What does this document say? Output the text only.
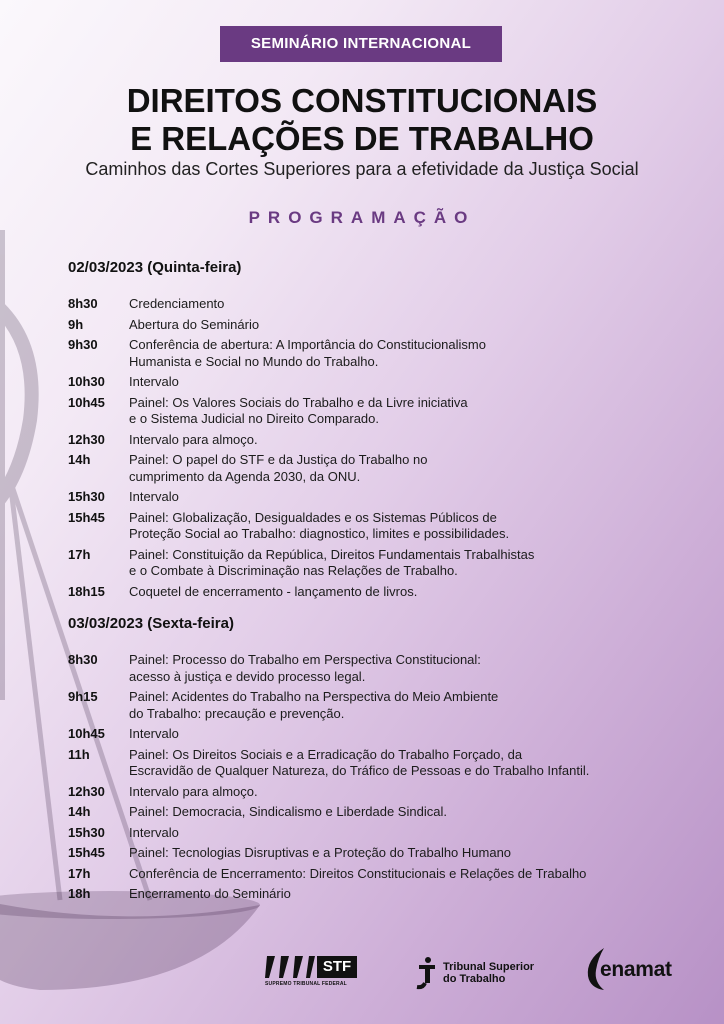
SEMINÁRIO INTERNACIONAL
DIREITOS CONSTITUCIONAIS
E RELAÇÕES DE TRABALHO
Caminhos das Cortes Superiores para a efetividade da Justiça Social
PROGRAMAÇÃO
02/03/2023 (Quinta-feira)
8h30	Credenciamento
9h	Abertura do Seminário
9h30	Conferência de abertura: A Importância do Constitucionalismo
Humanista e Social no Mundo do Trabalho.
10h30	Intervalo
10h45	Painel: Os Valores Sociais do Trabalho e da Livre iniciativa
e o Sistema Judicial no Direito Comparado.
12h30	Intervalo para almoço.
14h	Painel: O papel do STF e da Justiça do Trabalho no
cumprimento da Agenda 2030, da ONU.
15h30	Intervalo
15h45	Painel: Globalização, Desigualdades e os Sistemas Públicos de
Proteção Social ao Trabalho: diagnostico, limites e possibilidades.
17h	Painel: Constituição da República, Direitos Fundamentais Trabalhistas
e o Combate à Discriminação nas Relações de Trabalho.
18h15	Coquetel de encerramento - lançamento de livros.
03/03/2023 (Sexta-feira)
8h30	Painel: Processo do Trabalho em Perspectiva Constitucional:
acesso à justiça e devido processo legal.
9h15	Painel: Acidentes do Trabalho na Perspectiva do Meio Ambiente
do Trabalho: precaução e prevenção.
10h45	Intervalo
11h	Painel: Os Direitos Sociais e a Erradicação do Trabalho Forçado, da
Escravidão de Qualquer Natureza, do Tráfico de Pessoas e do Trabalho Infantil.
12h30	Intervalo para almoço.
14h	Painel: Democracia, Sindicalismo e Liberdade Sindical.
15h30	Intervalo
15h45	Painel: Tecnologias Disruptivas e a Proteção do Trabalho Humano
17h	Conferência de Encerramento: Direitos Constitucionais e Relações de Trabalho
18h	Encerramento do Seminário
STF
SUPREMO TRIBUNAL FEDERAL
Tribunal Superior
do Trabalho	enamat
